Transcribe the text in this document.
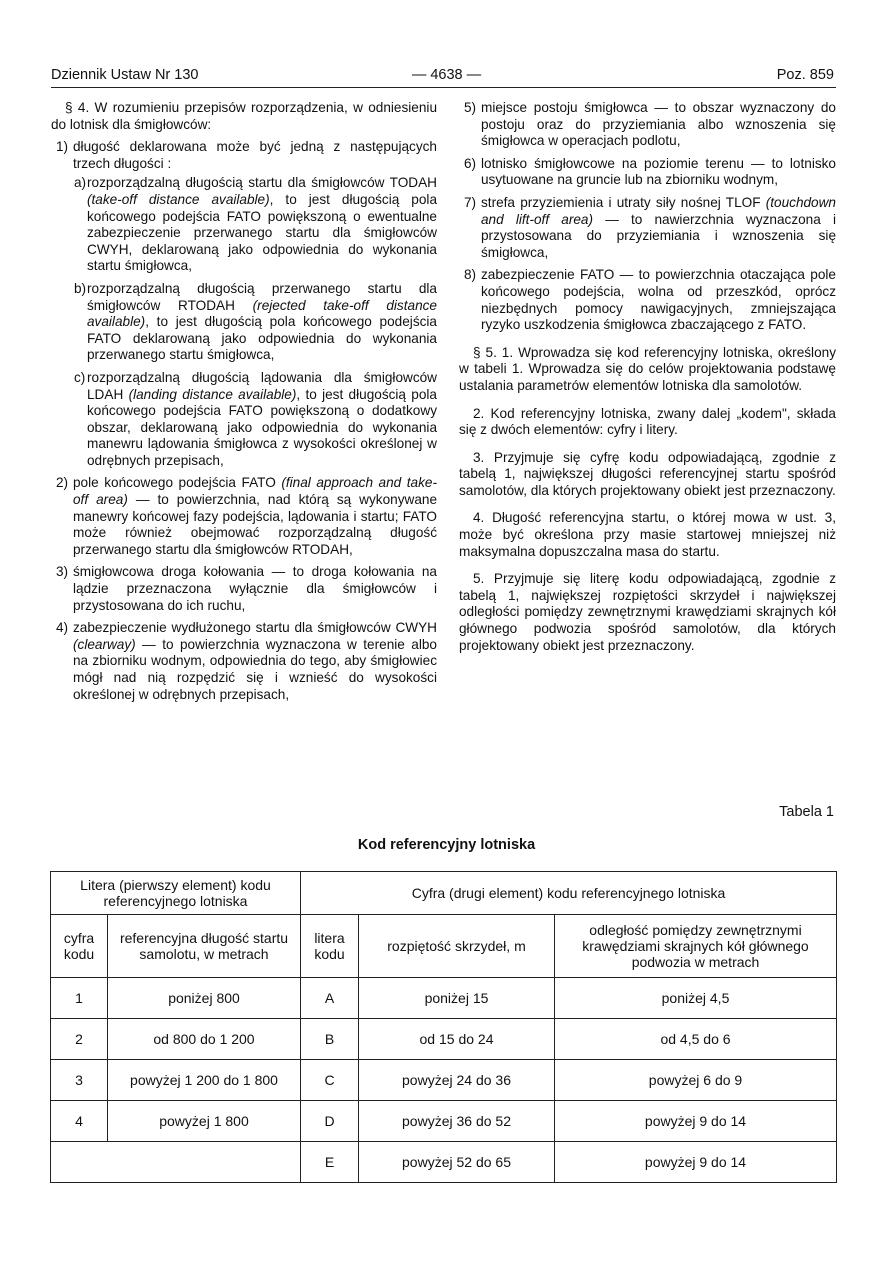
Dziennik Ustaw Nr 130	— 4638 —	Poz. 859

§ 4. W rozumieniu przepisów rozporządzenia, w odniesieniu do lotnisk dla śmigłowców:

1) długość deklarowana może być jedną z następujących trzech długości :
a) rozporządzalną długością startu dla śmigłowców TODAH (take-off distance available), to jest długością pola końcowego podejścia FATO powiększoną o ewentualne zabezpieczenie przerwanego startu dla śmigłowców CWYH, deklarowaną jako odpowiednia do wykonania startu śmigłowca,
b) rozporządzalną długością przerwanego startu dla śmigłowców RTODAH (rejected take-off distance available), to jest długością pola końcowego podejścia FATO deklarowaną jako odpowiednia do wykonania przerwanego startu śmigłowca,
c) rozporządzalną długością lądowania dla śmigłowców LDAH (landing distance available), to jest długością pola końcowego podejścia FATO powiększoną o dodatkowy obszar, deklarowaną jako odpowiednia do wykonania manewru lądowania śmigłowca z wysokości określonej w odrębnych przepisach,
2) pole końcowego podejścia FATO (final approach and take-off area) — to powierzchnia, nad którą są wykonywane manewry końcowej fazy podejścia, lądowania i startu; FATO może również obejmować rozporządzalną długość przerwanego startu dla śmigłowców RTODAH,
3) śmigłowcowa droga kołowania — to droga kołowania na lądzie przeznaczona wyłącznie dla śmigłowców i przystosowana do ich ruchu,
4) zabezpieczenie wydłużonego startu dla śmigłowców CWYH (clearway) — to powierzchnia wyznaczona w terenie albo na zbiorniku wodnym, odpowiednia do tego, aby śmigłowiec mógł nad nią rozpędzić się i wznieść do wysokości określonej w odrębnych przepisach,
5) miejsce postoju śmigłowca — to obszar wyznaczony do postoju oraz do przyziemiania albo wznoszenia się śmigłowca w operacjach podlotu,
6) lotnisko śmigłowcowe na poziomie terenu — to lotnisko usytuowane na gruncie lub na zbiorniku wodnym,
7) strefa przyziemienia i utraty siły nośnej TLOF (touchdown and lift-off area) — to nawierzchnia wyznaczona i przystosowana do przyziemiania i wznoszenia się śmigłowca,
8) zabezpieczenie FATO — to powierzchnia otaczająca pole końcowego podejścia, wolna od przeszkód, oprócz niezbędnych pomocy nawigacyjnych, zmniejszająca ryzyko uszkodzenia śmigłowca zbaczającego z FATO.

§ 5. 1. Wprowadza się kod referencyjny lotniska, określony w tabeli 1. Wprowadza się do celów projektowania podstawę ustalania parametrów elementów lotniska dla samolotów.

2. Kod referencyjny lotniska, zwany dalej „kodem", składa się z dwóch elementów: cyfry i litery.

3. Przyjmuje się cyfrę kodu odpowiadającą, zgodnie z tabelą 1, największej długości referencyjnej startu spośród samolotów, dla których projektowany obiekt jest przeznaczony.

4. Długość referencyjna startu, o której mowa w ust. 3, może być określona przy masie startowej mniejszej niż maksymalna dopuszczalna masa do startu.

5. Przyjmuje się literę kodu odpowiadającą, zgodnie z tabelą 1, największej rozpiętości skrzydeł i największej odległości pomiędzy zewnętrznymi krawędziami skrajnych kół głównego podwozia spośród samolotów, dla których projektowany obiekt jest przeznaczony.

Tabela 1
Kod referencyjny lotniska
Litera (pierwszy element) kodu referencyjnego lotniska		Cyfra (drugi element) kodu referencyjnego lotniska		
cyfra kodu	referencyjna długość startu samolotu, w metrach	litera kodu	rozpiętość skrzydeł, m	odległość pomiędzy zewnętrznymi krawędziami skrajnych kół głównego podwozia w metrach
1	poniżej 800	A	poniżej 15	poniżej 4,5
2	od 800 do 1 200	B	od 15 do 24	od 4,5 do 6
3	powyżej 1 200 do 1 800	C	powyżej 24 do 36	powyżej 6 do 9
4	powyżej 1 800	D	powyżej 36 do 52	powyżej 9 do 14
		E	powyżej 52 do 65	powyżej 9 do 14
